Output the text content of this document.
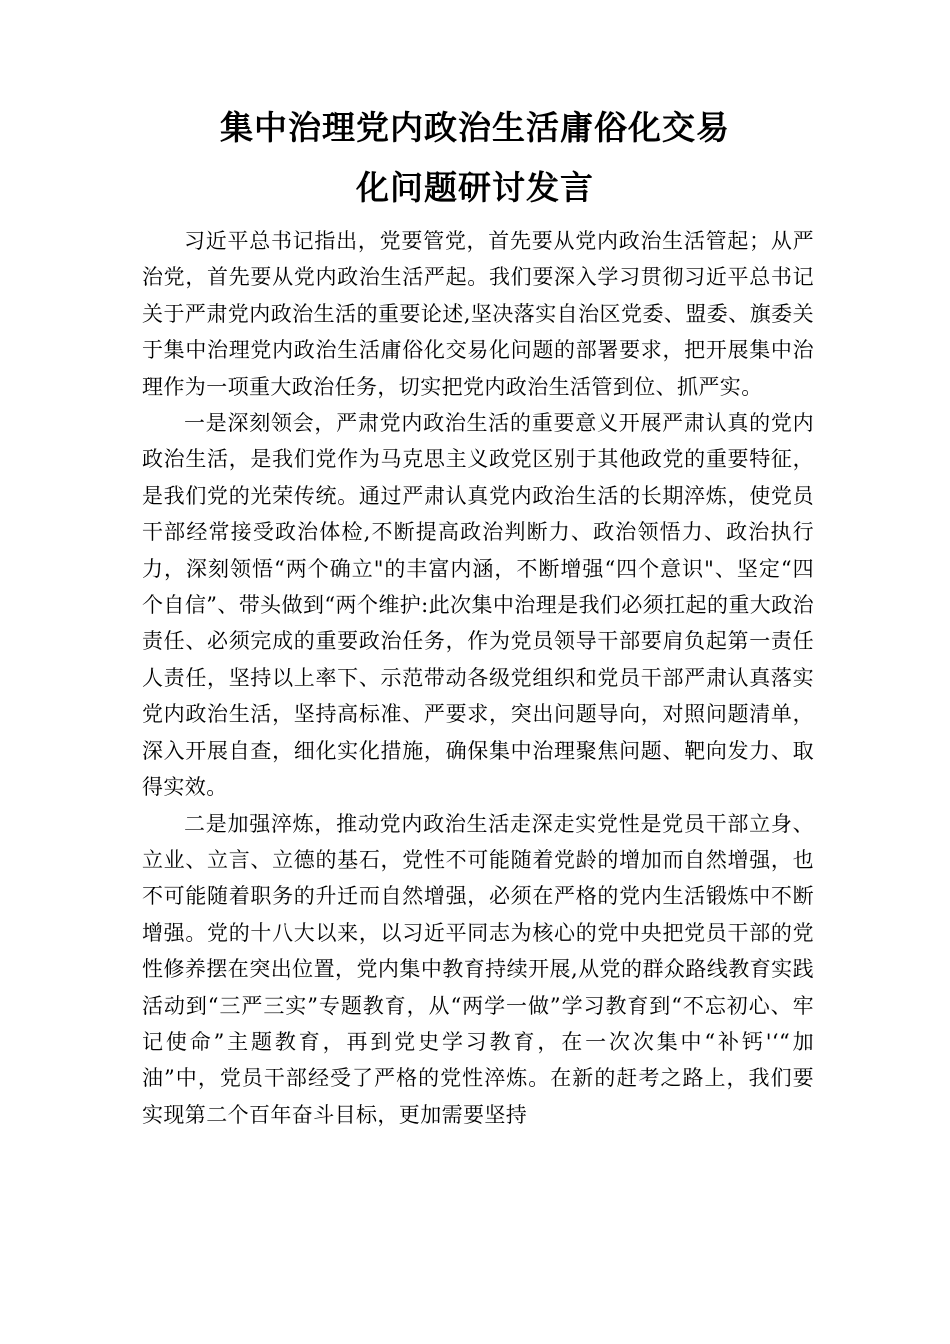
集中治理党内政治生活庸俗化交易
化问题研讨发言

习近平总书记指出，党要管党，首先要从党内政治生活管起；从严治党，首先要从党内政治生活严起。我们要深入学习贯彻习近平总书记关于严肃党内政治生活的重要论述,坚决落实自治区党委、盟委、旗委关于集中治理党内政治生活庸俗化交易化问题的部署要求，把开展集中治理作为一项重大政治任务，切实把党内政治生活管到位、抓严实。

一是深刻领会，严肃党内政治生活的重要意义开展严肃认真的党内政治生活，是我们党作为马克思主义政党区别于其他政党的重要特征，是我们党的光荣传统。通过严肃认真党内政治生活的长期淬炼，使党员干部经常接受政治体检,不断提高政治判断力、政治领悟力、政治执行力，深刻领悟“两个确立"的丰富内涵，不断增强“四个意识"、坚定“四个自信”、带头做到“两个维护:此次集中治理是我们必须扛起的重大政治责任、必须完成的重要政治任务，作为党员领导干部要肩负起第一责任人责任，坚持以上率下、示范带动各级党组织和党员干部严肃认真落实党内政治生活，坚持高标准、严要求，突出问题导向，对照问题清单，深入开展自查，细化实化措施，确保集中治理聚焦问题、靶向发力、取得实效。

二是加强淬炼，推动党内政治生活走深走实党性是党员干部立身、立业、立言、立德的基石，党性不可能随着党龄的增加而自然增强，也不可能随着职务的升迁而自然增强，必须在严格的党内生活锻炼中不断增强。党的十八大以来，以习近平同志为核心的党中央把党员干部的党性修养摆在突出位置，党内集中教育持续开展,从党的群众路线教育实践活动到“三严三实”专题教育，从“两学一做”学习教育到“不忘初心、牢记使命”主题教育，再到党史学习教育，在一次次集中“补钙'‘“加油”中，党员干部经受了严格的党性淬炼。在新的赶考之路上，我们要实现第二个百年奋斗目标，更加需要坚持
